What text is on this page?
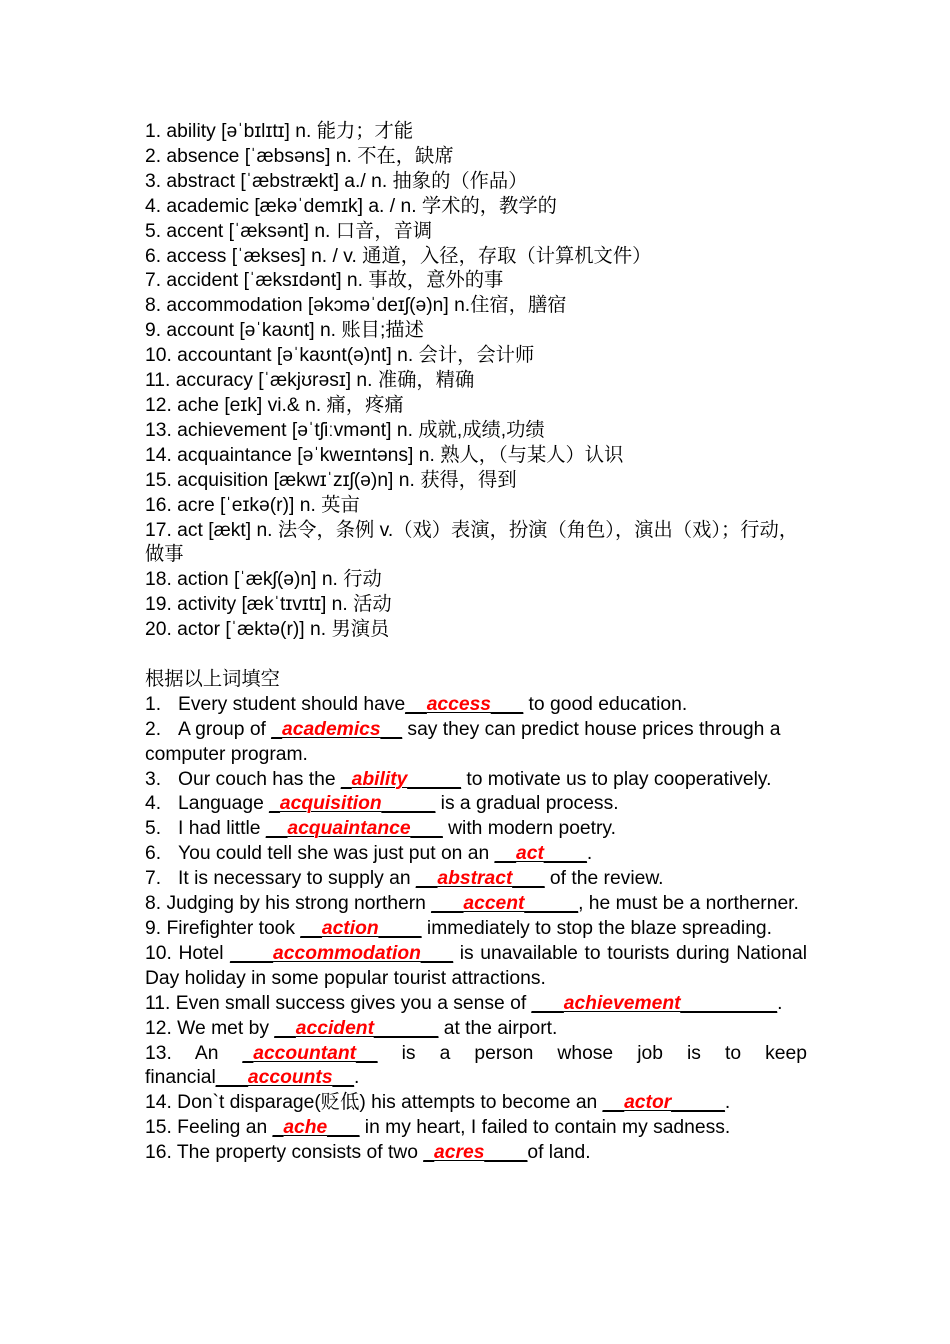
1. ability [əˈbɪlɪtɪ] n. 能力；才能
2. absence [ˈæbsəns] n. 不在，缺席
3. abstract [ˈæbstrækt] a./ n. 抽象的（作品）
4. academic [ækəˈdemɪk] a. / n. 学术的，教学的
5. accent [ˈæksənt] n. 口音，音调
6. access [ˈækses] n. / v. 通道，入径，存取（计算机文件）
7. accident [ˈæksɪdənt] n. 事故，意外的事
8. accommodation [əkɔməˈdeɪʃ(ə)n] n.住宿，膳宿
9. account [əˈkaʊnt] n. 账目;描述
10. accountant [əˈkaʊnt(ə)nt] n. 会计，会计师
11. accuracy [ˈækjʊrəsɪ] n. 准确，精确
12. ache [eɪk] vi.& n. 痛，疼痛
13. achievement [əˈtʃiːvmənt] n. 成就,成绩,功绩
14. acquaintance [əˈkweɪntəns] n. 熟人，（与某人）认识
15. acquisition [ækwɪˈzɪʃ(ə)n] n. 获得，得到
16. acre [ˈeɪkə(r)] n. 英亩
17. act [ækt] n. 法令，条例 v.（戏）表演，扮演（角色），演出（戏）；行动，做事
18. action [ˈækʃ(ə)n] n. 行动
19. activity [ækˈtɪvɪtɪ] n. 活动
20. actor [ˈæktə(r)] n. 男演员
根据以上词填空
1. Every student should have__access___ to good education.
2. A group of _academics__ say they can predict house prices through a computer program.
3. Our couch has the _ability_____ to motivate us to play cooperatively.
4. Language _acquisition_____ is a gradual process.
5. I had little __acquaintance___ with modern poetry.
6. You could tell she was just put on an __act____.
7. It is necessary to supply an __abstract___ of the review.
8. Judging by his strong northern ___accent_____, he must be a northerner.
9. Firefighter took __action____ immediately to stop the blaze spreading.
10. Hotel ____accommodation___ is unavailable to tourists during National Day holiday in some popular tourist attractions.
11. Even small success gives you a sense of ___achievement_________.
12. We met by __accident______ at the airport.
13. An _accountant__ is a person whose job is to keep financial___accounts__.
14. Don`t disparage(贬低) his attempts to become an __actor_____.
15. Feeling an _ache___ in my heart, I failed to contain my sadness.
16. The property consists of two _acres____of land.
